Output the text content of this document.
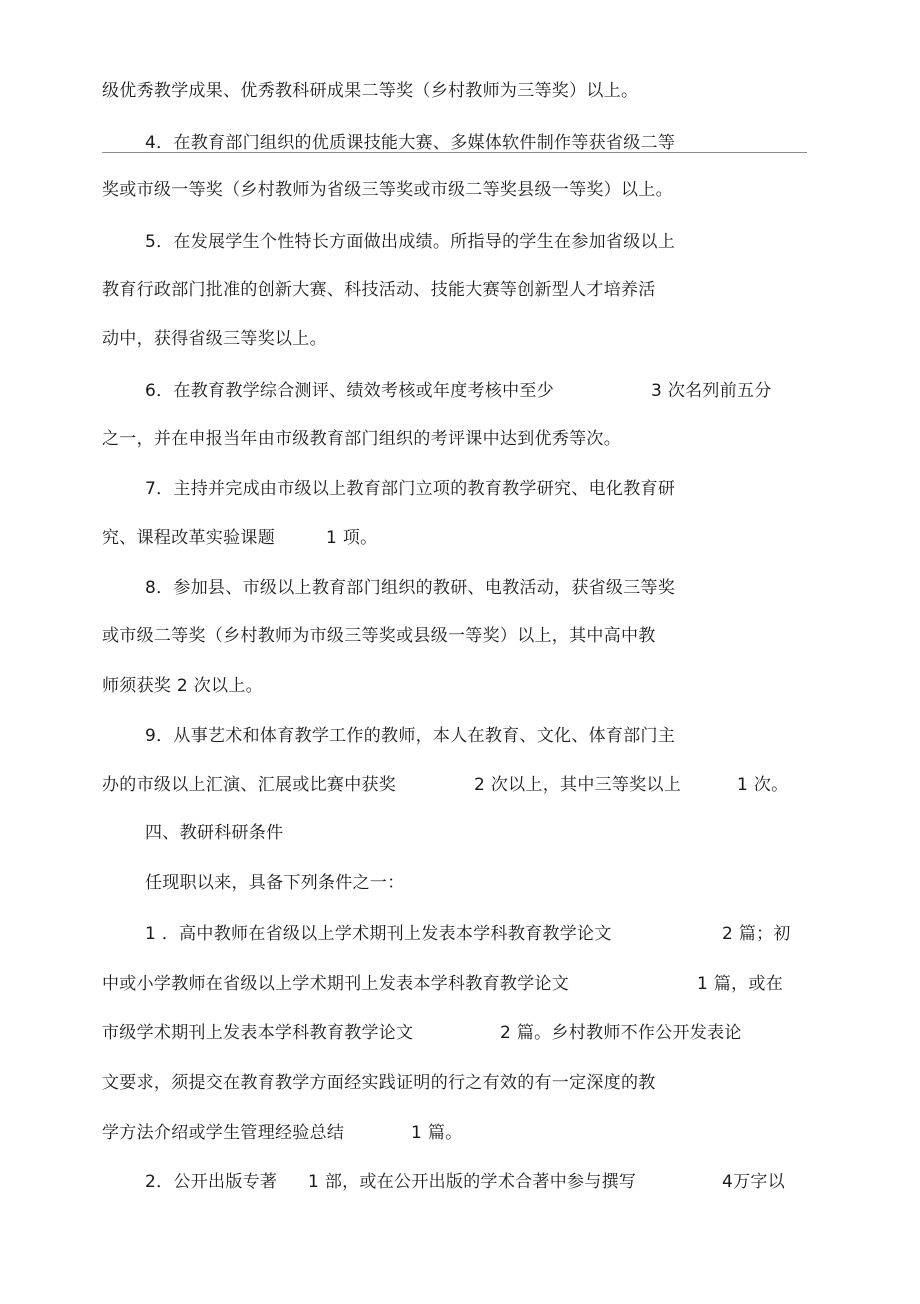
级优秀教学成果、优秀教科研成果二等奖（乡村教师为三等奖）以上。
4．在教育部门组织的优质课技能大赛、多媒体软件制作等获省级二等
奖或市级一等奖（乡村教师为省级三等奖或市级二等奖县级一等奖）以上。
5．在发展学生个性特长方面做出成绩。所指导的学生在参加省级以上
教育行政部门批准的创新大赛、科技活动、技能大赛等创新型人才培养活
动中，获得省级三等奖以上。
6．在教育教学综合测评、绩效考核或年度考核中至少	3 次名列前五分
之一，并在申报当年由市级教育部门组织的考评课中达到优秀等次。
7．主持并完成由市级以上教育部门立项的教育教学研究、电化教育研
究、课程改革实验课题	1 项。
8．参加县、市级以上教育部门组织的教研、电教活动，获省级三等奖
或市级二等奖（乡村教师为市级三等奖或县级一等奖）以上，其中高中教
师须获奖 2 次以上。
9．从事艺术和体育教学工作的教师，本人在教育、文化、体育部门主
办的市级以上汇演、汇展或比赛中获奖	2 次以上，其中三等奖以上	1 次。
四、教研科研条件
任现职以来，具备下列条件之一：
1 ．高中教师在省级以上学术期刊上发表本学科教育教学论文	2 篇；初
中或小学教师在省级以上学术期刊上发表本学科教育教学论文	1 篇，或在
市级学术期刊上发表本学科教育教学论文	2 篇。乡村教师不作公开发表论
文要求，须提交在教育教学方面经实践证明的行之有效的有一定深度的教
学方法介绍或学生管理经验总结	1 篇。
2．公开出版专著 1 部，或在公开出版的学术合著中参与撰写	4万字以
